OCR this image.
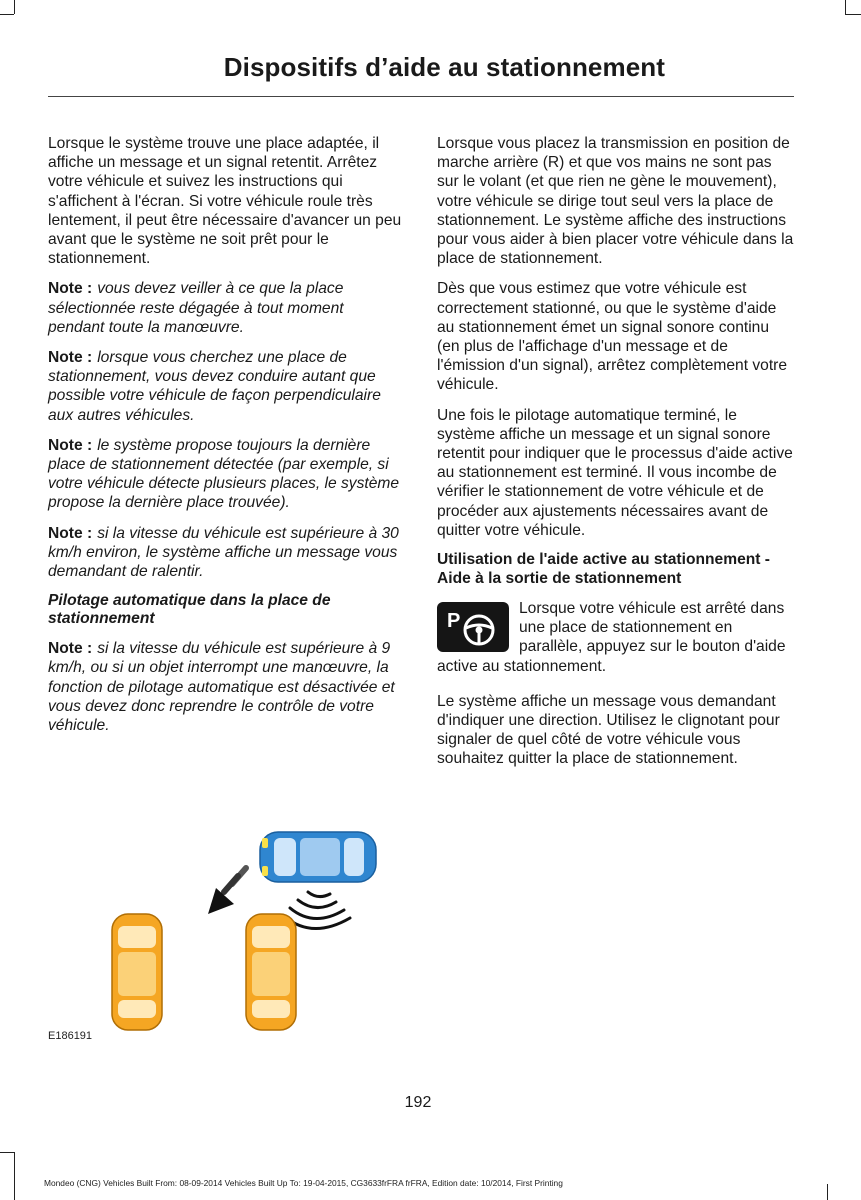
Dispositifs d’aide au stationnement

Lorsque le système trouve une place adaptée, il affiche un message et un signal retentit. Arrêtez votre véhicule et suivez les instructions qui s'affichent à l'écran. Si votre véhicule roule très lentement, il peut être nécessaire d'avancer un peu avant que le système ne soit prêt pour le stationnement.

Note : vous devez veiller à ce que la place sélectionnée reste dégagée à tout moment pendant toute la manœuvre.

Note : lorsque vous cherchez une place de stationnement, vous devez conduire autant que possible votre véhicule de façon perpendiculaire aux autres véhicules.

Note : le système propose toujours la dernière place de stationnement détectée (par exemple, si votre véhicule détecte plusieurs places, le système propose la dernière place trouvée).

Note : si la vitesse du véhicule est supérieure à 30 km/h environ, le système affiche un message vous demandant de ralentir.

Pilotage automatique dans la place de stationnement

Note : si la vitesse du véhicule est supérieure à 9 km/h, ou si un objet interrompt une manœuvre, la fonction de pilotage automatique est désactivée et vous devez donc reprendre le contrôle de votre véhicule.

Lorsque vous placez la transmission en position de marche arrière (R) et que vos mains ne sont pas sur le volant (et que rien ne gène le mouvement), votre véhicule se dirige tout seul vers la place de stationnement. Le système affiche des instructions pour vous aider à bien placer votre véhicule dans la place de stationnement.

Dès que vous estimez que votre véhicule est correctement stationné, ou que le système d'aide au stationnement émet un signal sonore continu (en plus de l'affichage d'un message et de l'émission d'un signal), arrêtez complètement votre véhicule.

Une fois le pilotage automatique terminé, le système affiche un message et un signal sonore retentit pour indiquer que le processus d'aide active au stationnement est terminé. Il vous incombe de vérifier le stationnement de votre véhicule et de procéder aux ajustements nécessaires avant de quitter votre véhicule.

Utilisation de l'aide active au stationnement - Aide à la sortie de stationnement

P
Lorsque votre véhicule est arrêté dans une place de stationnement en parallèle, appuyez sur le bouton d'aide active au stationnement.

Le système affiche un message vous demandant d'indiquer une direction. Utilisez le clignotant pour signaler de quel côté de votre véhicule vous souhaitez quitter la place de stationnement.

E186191
192
Mondeo (CNG) Vehicles Built From: 08-09-2014 Vehicles Built Up To: 19-04-2015, CG3633frFRA frFRA, Edition date: 10/2014, First Printing
